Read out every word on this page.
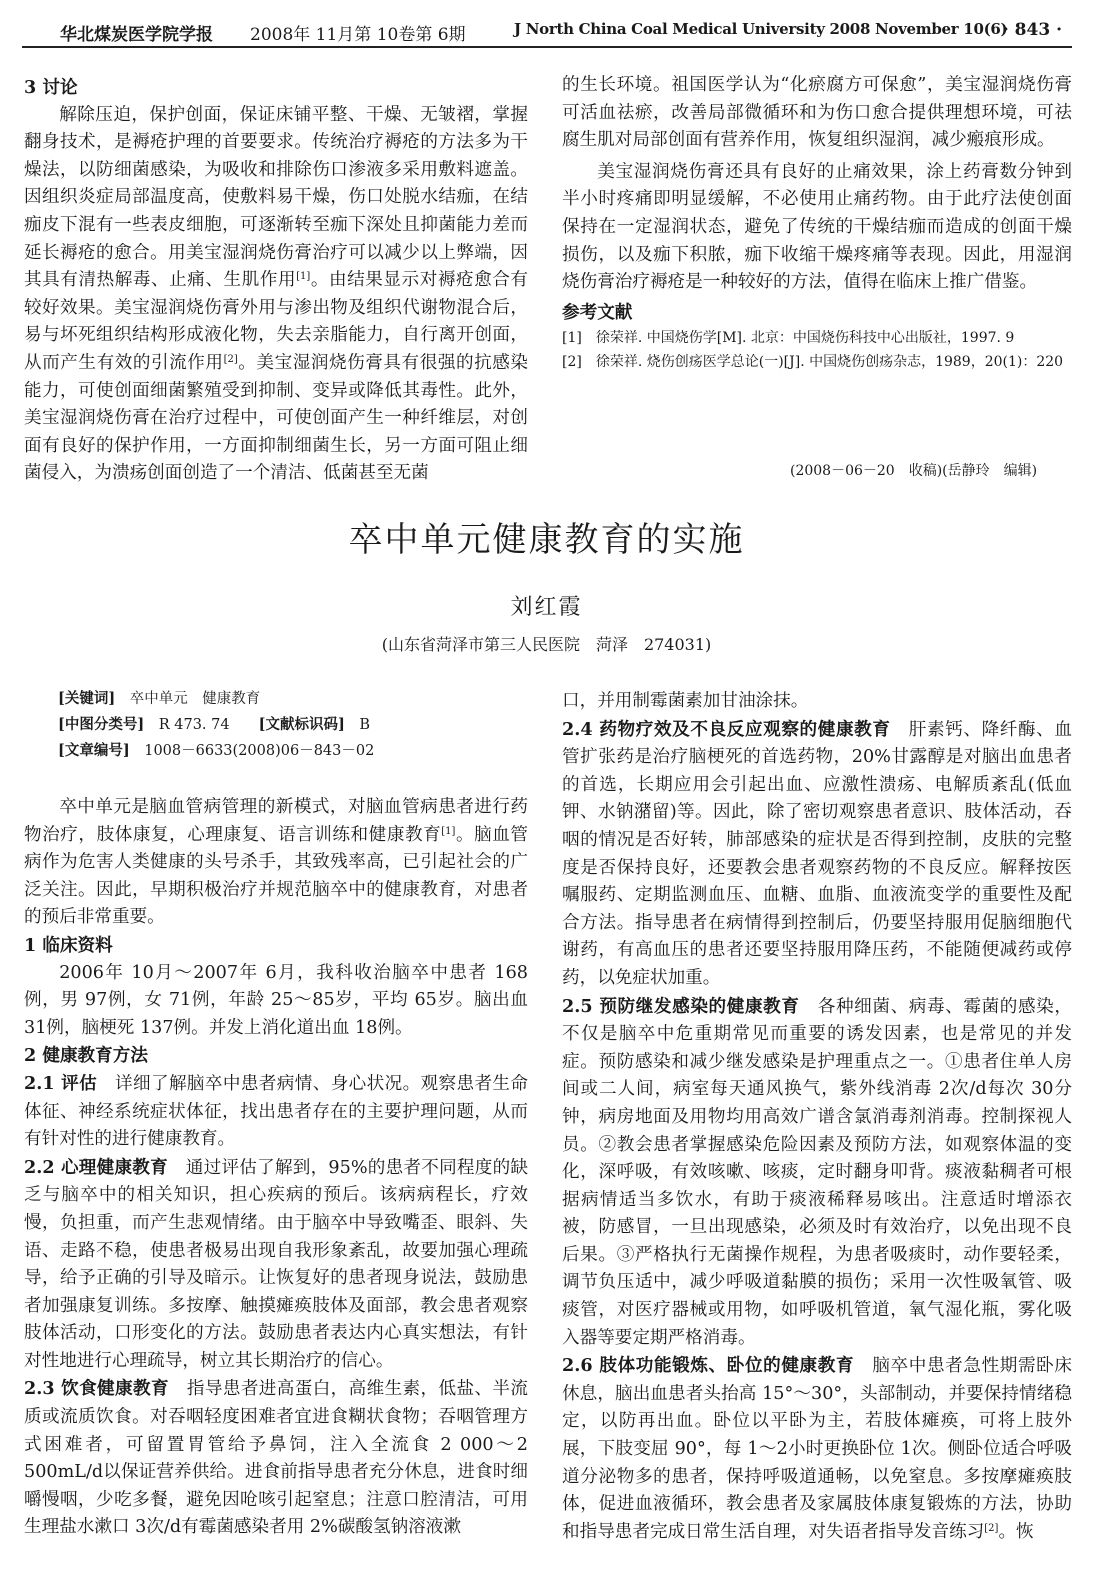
华北煤炭医学院学报 2008年 11月第 10卷第 6期	J North China Coal Medical University 2008 November 10(6)
· 843 ·
3 讨论

解除压迫，保护创面，保证床铺平整、干燥、无皱褶，掌握翻身技术，是褥疮护理的首要要求。传统治疗褥疮的方法多为干燥法，以防细菌感染，为吸收和排除伤口渗液多采用敷料遮盖。因组织炎症局部温度高，使敷料易干燥，伤口处脱水结痂，在结痂皮下混有一些表皮细胞，可逐渐转至痂下深处且抑菌能力差而延长褥疮的愈合。用美宝湿润烧伤膏治疗可以减少以上弊端，因其具有清热解毒、止痛、生肌作用[1]。由结果显示对褥疮愈合有较好效果。美宝湿润烧伤膏外用与渗出物及组织代谢物混合后，易与坏死组织结构形成液化物，失去亲脂能力，自行离开创面，从而产生有效的引流作用[2]。美宝湿润烧伤膏具有很强的抗感染能力，可使创面细菌繁殖受到抑制、变异或降低其毒性。此外，美宝湿润烧伤膏在治疗过程中，可使创面产生一种纤维层，对创面有良好的保护作用，一方面抑制细菌生长，另一方面可阻止细菌侵入，为溃疡创面创造了一个清洁、低菌甚至无菌

的生长环境。祖国医学认为“化瘀腐方可保愈”，美宝湿润烧伤膏可活血祛瘀，改善局部微循环和为伤口愈合提供理想环境，可祛腐生肌对局部创面有营养作用，恢复组织湿润，减少瘢痕形成。

美宝湿润烧伤膏还具有良好的止痛效果，涂上药膏数分钟到半小时疼痛即明显缓解，不必使用止痛药物。由于此疗法使创面保持在一定湿润状态，避免了传统的干燥结痂而造成的创面干燥损伤，以及痂下积脓，痂下收缩干燥疼痛等表现。因此，用湿润烧伤膏治疗褥疮是一种较好的方法，值得在临床上推广借鉴。

参考文献
[1]　徐荣祥. 中国烧伤学[M]. 北京：中国烧伤科技中心出版社，1997. 9
[2]　徐荣祥. 烧伤创疡医学总论(一)[J]. 中国烧伤创疡杂志，1989，20(1)：220
(2008－06－20　收稿)(岳静玲　编辑)
卒中单元健康教育的实施
刘红霞
(山东省菏泽市第三人民医院　菏泽　274031)
[关键词]　 卒中单元　健康教育
[中图分类号]　 R 473. 74　　 [文献标识码]　 B
[文章编号]　 1008－6633(2008)06－843－02

卒中单元是脑血管病管理的新模式，对脑血管病患者进行药物治疗，肢体康复，心理康复、语言训练和健康教育[1]。脑血管病作为危害人类健康的头号杀手，其致残率高，已引起社会的广泛关注。因此，早期积极治疗并规范脑卒中的健康教育，对患者的预后非常重要。

1 临床资料

2006年 10月～2007年 6月，我科收治脑卒中患者 168例，男 97例，女 71例，年龄 25～85岁，平均 65岁。脑出血 31例，脑梗死 137例。并发上消化道出血 18例。

2 健康教育方法

2.1 评估　 详细了解脑卒中患者病情、身心状况。观察患者生命体征、神经系统症状体征，找出患者存在的主要护理问题，从而有针对性的进行健康教育。

2.2 心理健康教育　 通过评估了解到，95%的患者不同程度的缺乏与脑卒中的相关知识，担心疾病的预后。该病病程长，疗效慢，负担重，而产生悲观情绪。由于脑卒中导致嘴歪、眼斜、失语、走路不稳，使患者极易出现自我形象紊乱，故要加强心理疏导，给予正确的引导及暗示。让恢复好的患者现身说法，鼓励患者加强康复训练。多按摩、触摸瘫痪肢体及面部，教会患者观察肢体活动，口形变化的方法。鼓励患者表达内心真实想法，有针对性地进行心理疏导，树立其长期治疗的信心。

2.3 饮食健康教育　 指导患者进高蛋白，高维生素，低盐、半流质或流质饮食。对吞咽轻度困难者宜进食糊状食物；吞咽管理方式困难者，可留置胃管给予鼻饲，注入全流食 2 000～2 500mL/d以保证营养供给。进食前指导患者充分休息，进食时细嚼慢咽，少吃多餐，避免因呛咳引起窒息；注意口腔清洁，可用生理盐水漱口 3次/d有霉菌感染者用 2%碳酸氢钠溶液漱

口，并用制霉菌素加甘油涂抹。

2.4 药物疗效及不良反应观察的健康教育　 肝素钙、降纤酶、血管扩张药是治疗脑梗死的首选药物，20%甘露醇是对脑出血患者的首选，长期应用会引起出血、应激性溃疡、电解质紊乱(低血钾、水钠潴留)等。因此，除了密切观察患者意识、肢体活动，吞咽的情况是否好转，肺部感染的症状是否得到控制，皮肤的完整度是否保持良好，还要教会患者观察药物的不良反应。解释按医嘱服药、定期监测血压、血糖、血脂、血液流变学的重要性及配合方法。指导患者在病情得到控制后，仍要坚持服用促脑细胞代谢药，有高血压的患者还要坚持服用降压药，不能随便减药或停药，以免症状加重。

2.5 预防继发感染的健康教育　 各种细菌、病毒、霉菌的感染，不仅是脑卒中危重期常见而重要的诱发因素，也是常见的并发症。预防感染和减少继发感染是护理重点之一。①患者住单人房间或二人间，病室每天通风换气，紫外线消毒 2次/d每次 30分钟，病房地面及用物均用高效广谱含氯消毒剂消毒。控制探视人员。②教会患者掌握感染危险因素及预防方法，如观察体温的变化，深呼吸，有效咳嗽、咳痰，定时翻身叩背。痰液黏稠者可根据病情适当多饮水，有助于痰液稀释易咳出。注意适时增添衣被，防感冒，一旦出现感染，必须及时有效治疗，以免出现不良后果。③严格执行无菌操作规程，为患者吸痰时，动作要轻柔，调节负压适中，减少呼吸道黏膜的损伤；采用一次性吸氧管、吸痰管，对医疗器械或用物，如呼吸机管道，氧气湿化瓶，雾化吸入器等要定期严格消毒。

2.6 肢体功能锻炼、卧位的健康教育　 脑卒中患者急性期需卧床休息，脑出血患者头抬高 15°～30°，头部制动，并要保持情绪稳定，以防再出血。卧位以平卧为主，若肢体瘫痪，可将上肢外展，下肢变屈 90°，每 1～2小时更换卧位 1次。侧卧位适合呼吸道分泌物多的患者，保持呼吸道通畅，以免窒息。多按摩瘫痪肢体，促进血液循环，教会患者及家属肢体康复锻炼的方法，协助和指导患者完成日常生活自理，对失语者指导发音练习[2]。恢
